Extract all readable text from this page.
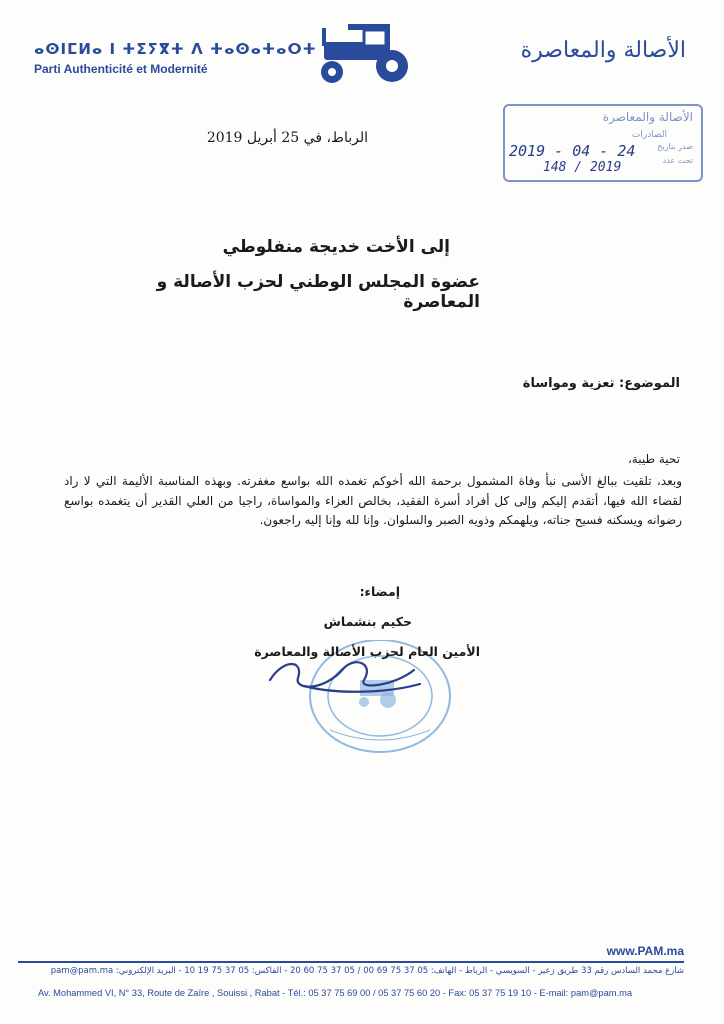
ⴰⵙⵏⵎⵍⴰ ⵏ ⵜⵉⵢⴳⵜ ⴷ ⵜⴰⵙⴰⵜⴰⵔⵜ
Parti Authenticité et Modernité
الأصالة والمعاصرة
الأصالة والمعاصرة
الصادرات
صدر بتاريخ
تحت عدد
2019 - 04 - 24
148 / 2019
الرباط، في 25 أبريل 2019
إلى الأخت خديجة منفلوطي
عضوة المجلس الوطني لحزب الأصالة و المعاصرة
الموضوع: تعزية ومواساة
تحية طيبة،
وبعد، تلقيت ببالغ الأسى نبأ وفاة المشمول برحمة الله أخوكم تغمده الله بواسع مغفرته. وبهذه المناسبة الأليمة التي لا راد لقضاء الله فيها، أتقدم إليكم وإلى كل أفراد أسرة الفقيد، بخالص العزاء والمواساة، راجيا من العلي القدير أن يتغمده بواسع رضوانه ويسكنه فسيح جناته، ويلهمكم وذويه الصبر والسلوان. وإنا لله وإنا إليه راجعون.
إمضاء:
حكيم بنشماش
الأمين العام لحزب الأصالة والمعاصرة
www.PAM.ma
شارع محمد السادس رقم 33 طريق زعير - السويسي - الرباط - الهاتف: 05 37 75 69 00 / 05 37 75 60 20 - الفاكس: 05 37 75 19 10 - البريد الإلكتروني: pam@pam.ma
Av. Mohammed VI, N° 33, Route de Zaïre , Souissi , Rabat - Tél.: 05 37 75 69 00 / 05 37 75 60 20 - Fax: 05 37 75 19 10 - E-mail: pam@pam.ma
